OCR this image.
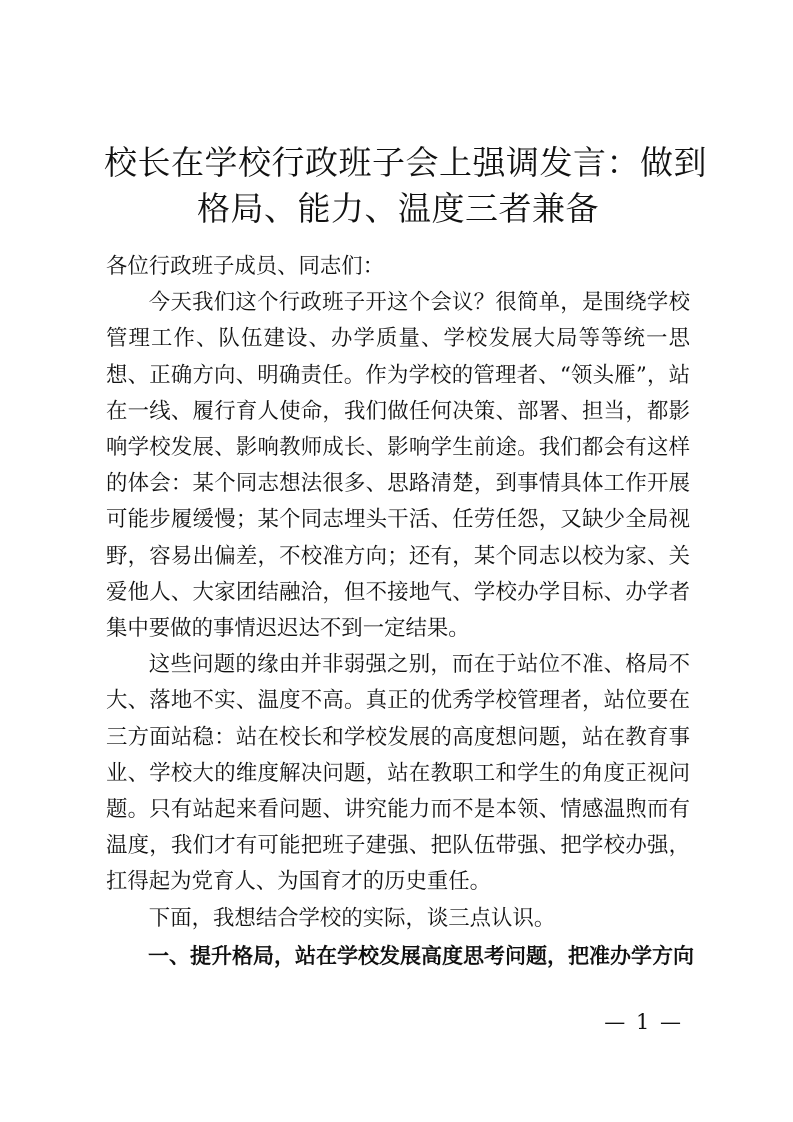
校长在学校行政班子会上强调发言：做到
格局、能力、温度三者兼备

各位行政班子成员、同志们：

今天我们这个行政班子开这个会议？很简单，是围绕学校管理工作、队伍建设、办学质量、学校发展大局等等统一思想、正确方向、明确责任。作为学校的管理者、“领头雁”，站在一线、履行育人使命，我们做任何决策、部署、担当，都影响学校发展、影响教师成长、影响学生前途。我们都会有这样的体会：某个同志想法很多、思路清楚，到事情具体工作开展可能步履缓慢；某个同志埋头干活、任劳任怨，又缺少全局视野，容易出偏差，不校准方向；还有，某个同志以校为家、关爱他人、大家团结融洽，但不接地气、学校办学目标、办学者集中要做的事情迟迟达不到一定结果。

这些问题的缘由并非弱强之别，而在于站位不准、格局不大、落地不实、温度不高。真正的优秀学校管理者，站位要在三方面站稳：站在校长和学校发展的高度想问题，站在教育事业、学校大的维度解决问题，站在教职工和学生的角度正视问题。只有站起来看问题、讲究能力而不是本领、情感温煦而有温度，我们才有可能把班子建强、把队伍带强、把学校办强，扛得起为党育人、为国育才的历史重任。

下面，我想结合学校的实际，谈三点认识。

一、提升格局，站在学校发展高度思考问题，把准办学方向

— 1 —
